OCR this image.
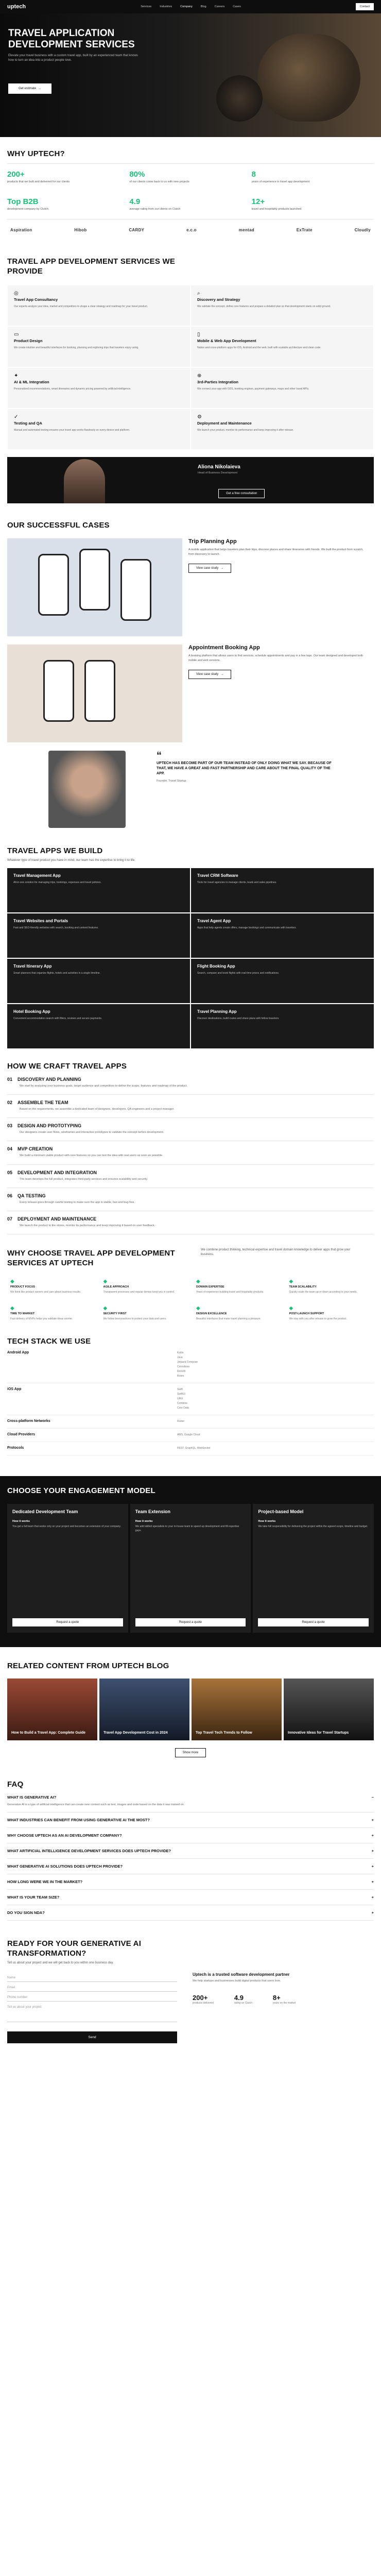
uptech	Services	Industries	Company	Blog	Careers	Cases	Contact
TRAVEL APPLICATION DEVELOPMENT SERVICES
Elevate your travel business with a custom travel app, built by an experienced team that knows how to turn an idea into a product people love.
Get estimate →
WHY UPTECH?
200+
products that we built and delivered for our clients
80%
of our clients come back to us with new projects
8
years of experience in travel app development
Top B2B
development company by Clutch
4.9
average rating from our clients on Clutch
12+
travel and hospitality products launched
Aspiration	Hibob	CARDY	e.c.o	mentad	ExTrate	Cloudly
TRAVEL APP DEVELOPMENT SERVICES WE PROVIDE
◎
Travel App Consultancy
Our experts analyze your idea, market and competitors to shape a clear strategy and roadmap for your travel product.
⌕
Discovery and Strategy
We validate the concept, define core features and prepare a detailed plan so that development starts on solid ground.
▭
Product Design
We create intuitive and beautiful interfaces for booking, planning and exploring trips that travelers enjoy using.
▯
Mobile & Web App Development
Native and cross-platform apps for iOS, Android and the web, built with scalable architecture and clean code.
✦
AI & ML Integration
Personalized recommendations, smart itineraries and dynamic pricing powered by artificial intelligence.
⊕
3rd-Parties Integration
We connect your app with GDS, booking engines, payment gateways, maps and other travel APIs.
✓
Testing and QA
Manual and automated testing ensures your travel app works flawlessly on every device and platform.
⚙
Deployment and Maintenance
We launch your product, monitor its performance and keep improving it after release.
Aliona Nikolaieva
Head of Business Development
Get a free consultation
OUR SUCCESSFUL CASES
Trip Planning App
A mobile application that helps travelers plan their trips, discover places and share itineraries with friends. We built the product from scratch, from discovery to launch.
View case study →
Appointment Booking App
A booking platform that allows users to find services, schedule appointments and pay in a few taps. Our team designed and developed both mobile and web versions.
View case study →
“
UPTECH HAS BECOME PART OF OUR TEAM INSTEAD OF ONLY DOING WHAT WE SAY. BECAUSE OF THAT, WE HAVE A GREAT AND FAST PARTNERSHIP AND CARE ABOUT THE FINAL QUALITY OF THE APP.
Founder, Travel Startup
TRAVEL APPS WE BUILD
Whatever type of travel product you have in mind, our team has the expertise to bring it to life.
Travel Management App
All-in-one solution for managing trips, bookings, expenses and travel policies.
Travel CRM Software
Tools for travel agencies to manage clients, leads and sales pipelines.
Travel Websites and Portals
Fast and SEO-friendly websites with search, booking and content features.
Travel Agent App
Apps that help agents create offers, manage bookings and communicate with travelers.
Travel Itinerary App
Smart planners that organize flights, hotels and activities in a single timeline.
Flight Booking App
Search, compare and book flights with real-time prices and notifications.
Hotel Booking App
Convenient accommodation search with filters, reviews and secure payments.
Travel Planning App
Discover destinations, build routes and share plans with fellow travelers.
HOW WE CRAFT TRAVEL APPS
01 DISCOVERY AND PLANNING
We start by analyzing your business goals, target audience and competitors to define the scope, features and roadmap of the product.
02 ASSEMBLE THE TEAM
Based on the requirements, we assemble a dedicated team of designers, developers, QA engineers and a project manager.
03 DESIGN AND PROTOTYPING
Our designers create user flows, wireframes and interactive prototypes to validate the concept before development.
04 MVP CREATION
We build a minimum viable product with core features so you can test the idea with real users as soon as possible.
05 DEVELOPMENT AND INTEGRATION
The team develops the full product, integrates third-party services and ensures scalability and security.
06 QA TESTING
Every release goes through careful testing to make sure the app is stable, fast and bug-free.
07 DEPLOYMENT AND MAINTENANCE
We launch the product to the stores, monitor its performance and keep improving it based on user feedback.
WHY CHOOSE TRAVEL APP DEVELOPMENT SERVICES AT UPTECH
We combine product thinking, technical expertise and travel domain knowledge to deliver apps that grow your business.
◆
PRODUCT FOCUS
We think like product owners and care about business results.
◆
AGILE APPROACH
Transparent processes and regular demos keep you in control.
◆
DOMAIN EXPERTISE
Years of experience building travel and hospitality products.
◆
TEAM SCALABILITY
Quickly scale the team up or down according to your needs.
◆
TIME TO MARKET
Fast delivery of MVPs helps you validate ideas sooner.
◆
SECURITY FIRST
We follow best practices to protect your data and users.
◆
DESIGN EXCELLENCE
Beautiful interfaces that make travel planning a pleasure.
◆
POST-LAUNCH SUPPORT
We stay with you after release to grow the product.
TECH STACK WE USE
Android App	Kotlin
Java
Jetpack Compose
Coroutines
Retrofit
Room
iOS App	Swift
SwiftUI
UIKit
Combine
Core Data
Cross-platform Networks	Flutter
Cloud Providers	AWS, Google Cloud
Protocols	REST, GraphQL, WebSocket
CHOOSE YOUR ENGAGEMENT MODEL
Dedicated Development Team
How it works
You get a full team that works only on your project and becomes an extension of your company.
Request a quote
Team Extension
How it works
We add skilled specialists to your in-house team to speed up development and fill expertise gaps.
Request a quote
Project-based Model
How it works
We take full responsibility for delivering the project within the agreed scope, timeline and budget.
Request a quote
RELATED CONTENT FROM UPTECH BLOG
How to Build a Travel App: Complete Guide	Travel App Development Cost in 2024	Top Travel Tech Trends to Follow	Innovative Ideas for Travel Startups
Show more
FAQ
WHAT IS GENERATIVE AI?	−
Generative AI is a type of artificial intelligence that can create new content such as text, images and code based on the data it was trained on.
WHAT INDUSTRIES CAN BENEFIT FROM USING GENERATIVE AI THE MOST?	+
WHY CHOOSE UPTECH AS AN AI DEVELOPMENT COMPANY?	+
WHAT ARTIFICIAL INTELLIGENCE DEVELOPMENT SERVICES DOES UPTECH PROVIDE?	+
WHAT GENERATIVE AI SOLUTIONS DOES UPTECH PROVIDE?	+
HOW LONG WERE WE IN THE MARKET?	+
WHAT IS YOUR TEAM SIZE?	+
DO YOU SIGN NDA?	+
READY FOR YOUR GENERATIVE AI TRANSFORMATION?
Tell us about your project and we will get back to you within one business day.
Name
Email
Phone number
Tell us about your project
Send
Uptech is a trusted software development partner
We help startups and businesses build digital products that users love.
200+
products delivered
4.9
rating on Clutch
8+
years on the market
